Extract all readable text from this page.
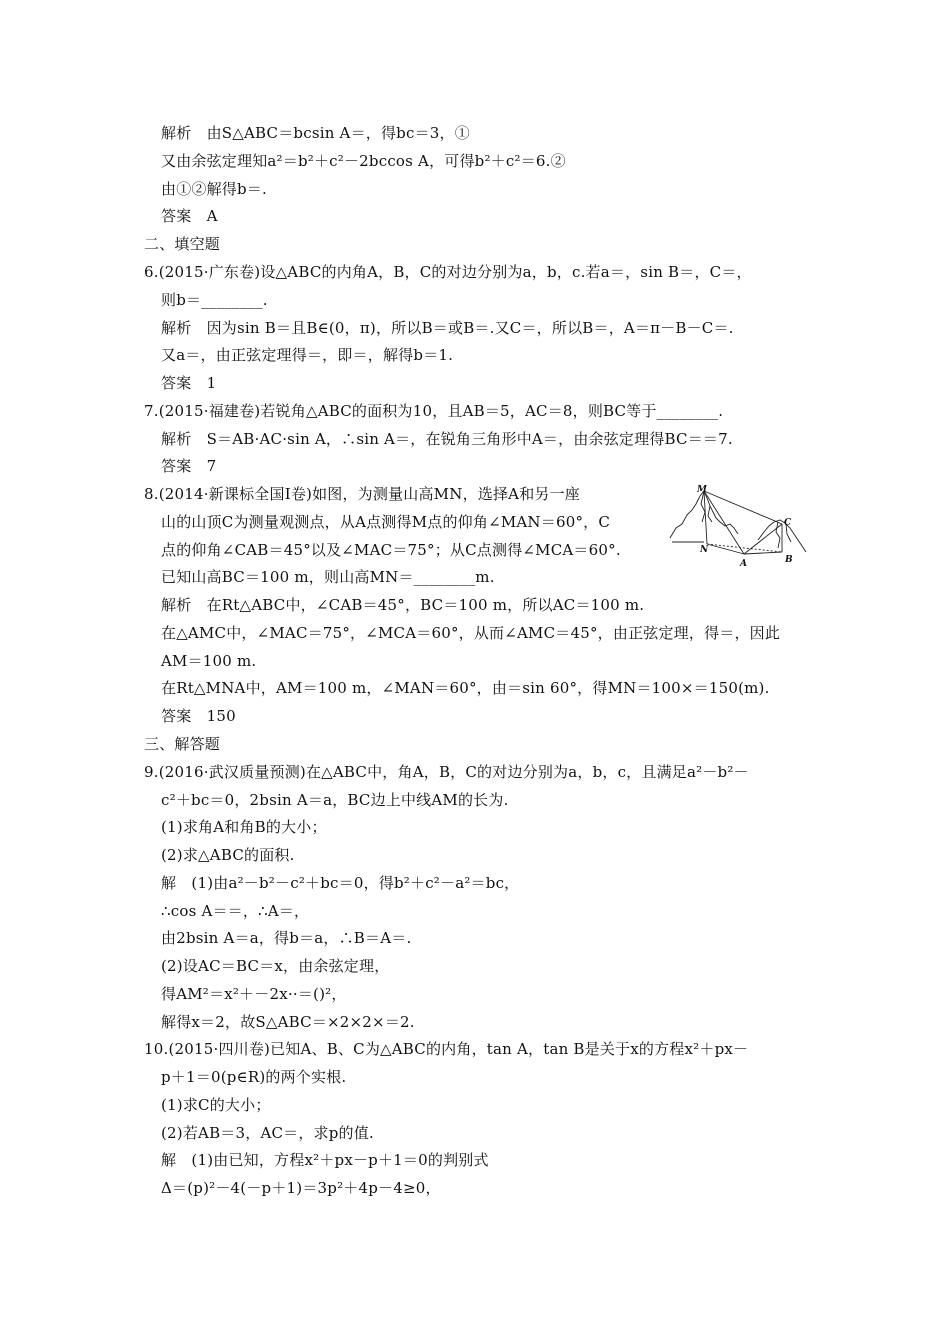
解析　由S△ABC＝bcsin A＝，得bc＝3，①
又由余弦定理知a²＝b²＋c²－2bccos A，可得b²＋c²＝6.②
由①②解得b＝.
答案　A
二、填空题
6.(2015·广东卷)设△ABC的内角A，B，C的对边分别为a，b，c.若a＝，sin B＝，C＝，
则b＝________.
解析　因为sin B＝且B∈(0，π)，所以B＝或B＝.又C＝，所以B＝，A＝π－B－C＝.
又a＝，由正弦定理得＝，即＝，解得b＝1.
答案　1
7.(2015·福建卷)若锐角△ABC的面积为10，且AB＝5，AC＝8，则BC等于________.
解析　S＝AB·AC·sin A，∴sin A＝，在锐角三角形中A＝，由余弦定理得BC＝＝7.
答案　7
8.(2014·新课标全国Ⅰ卷)如图，为测量山高MN，选择A和另一座
山的山顶C为测量观测点，从A点测得M点的仰角∠MAN＝60°，C
点的仰角∠CAB＝45°以及∠MAC＝75°；从C点测得∠MCA＝60°.
已知山高BC＝100 m，则山高MN＝________m.
解析　在Rt△ABC中，∠CAB＝45°，BC＝100 m，所以AC＝100 m.
在△AMC中，∠MAC＝75°，∠MCA＝60°，从而∠AMC＝45°，由正弦定理，得＝，因此
AM＝100 m.
在Rt△MNA中，AM＝100 m，∠MAN＝60°，由＝sin 60°，得MN＝100×＝150(m).
答案　150
三、解答题
9.(2016·武汉质量预测)在△ABC中，角A，B，C的对边分别为a，b，c，且满足a²－b²－
c²＋bc＝0，2bsin A＝a，BC边上中线AM的长为.
(1)求角A和角B的大小；
(2)求△ABC的面积.
解　(1)由a²－b²－c²＋bc＝0，得b²＋c²－a²＝bc，
∴cos A＝＝，∴A＝，
由2bsin A＝a，得b＝a，∴B＝A＝.
(2)设AC＝BC＝x，由余弦定理，
得AM²＝x²＋－2x··＝()²，
解得x＝2，故S△ABC＝×2×2×＝2.
10.(2015·四川卷)已知A、B、C为△ABC的内角，tan A，tan B是关于x的方程x²＋px－
p＋1＝0(p∈R)的两个实根.
(1)求C的大小；
(2)若AB＝3，AC＝，求p的值.
解　(1)由已知，方程x²＋px－p＋1＝0的判别式
Δ＝(p)²－4(－p＋1)＝3p²＋4p－4≥0，
M
N
A	B
C
